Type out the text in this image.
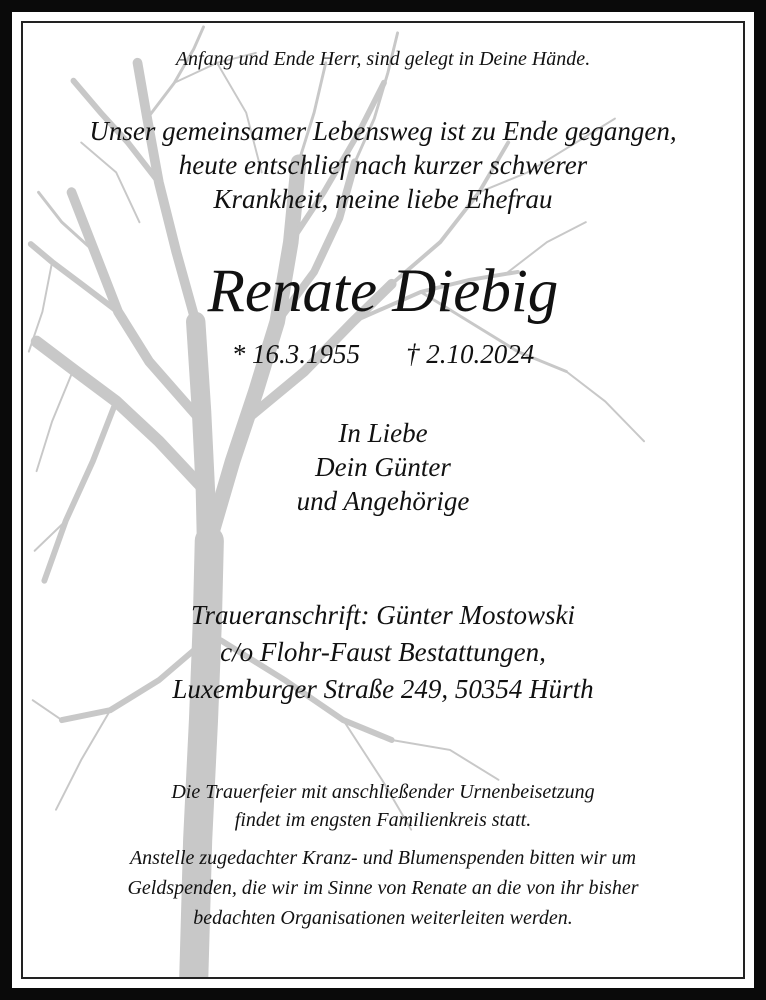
Anfang und Ende Herr, sind gelegt in Deine Hände.

Unser gemeinsamer Lebensweg ist zu Ende gegangen,
heute entschlief nach kurzer schwerer
Krankheit, meine liebe Ehefrau

Renate Diebig

* 16.3.1955 † 2.10.2024

In Liebe
Dein Günter
und Angehörige

Traueranschrift: Günter Mostowski
c/o Flohr-Faust Bestattungen,
Luxemburger Straße 249, 50354 Hürth

Die Trauerfeier mit anschließender Urnenbeisetzung
findet im engsten Familienkreis statt.

Anstelle zugedachter Kranz- und Blumenspenden bitten wir um
Geldspenden, die wir im Sinne von Renate an die von ihr bisher
bedachten Organisationen weiterleiten werden.
